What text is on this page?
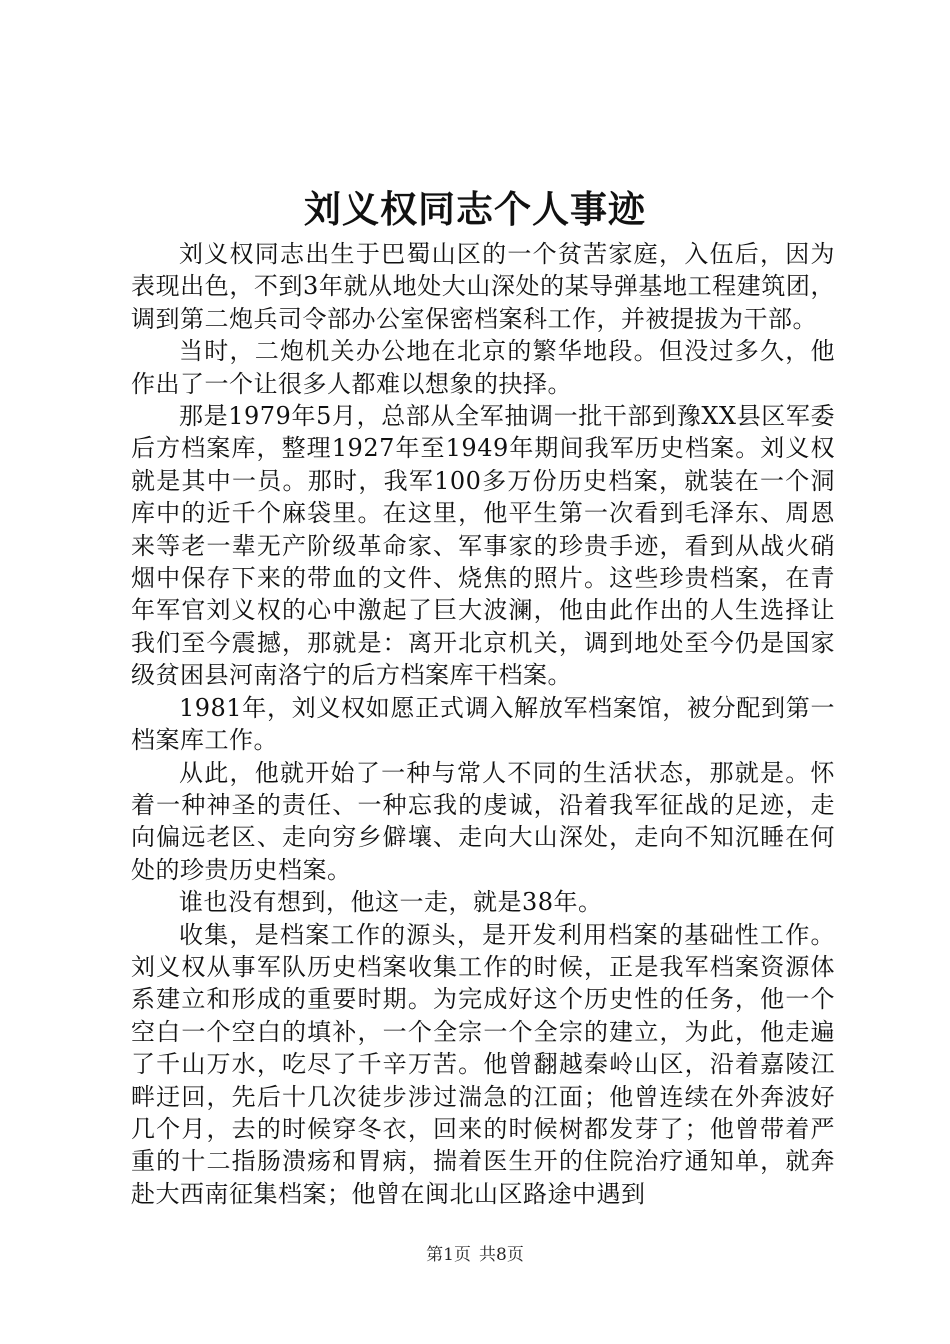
刘义权同志个人事迹

刘义权同志出生于巴蜀山区的一个贫苦家庭，入伍后，因为表现出色，不到3年就从地处大山深处的某导弹基地工程建筑团，调到第二炮兵司令部办公室保密档案科工作，并被提拔为干部。

当时，二炮机关办公地在北京的繁华地段。但没过多久，他作出了一个让很多人都难以想象的抉择。

那是1979年5月，总部从全军抽调一批干部到豫XX县区军委后方档案库，整理1927年至1949年期间我军历史档案。刘义权就是其中一员。那时，我军100多万份历史档案，就装在一个洞库中的近千个麻袋里。在这里，他平生第一次看到毛泽东、周恩来等老一辈无产阶级革命家、军事家的珍贵手迹，看到从战火硝烟中保存下来的带血的文件、烧焦的照片。这些珍贵档案，在青年军官刘义权的心中激起了巨大波澜，他由此作出的人生选择让我们至今震撼，那就是：离开北京机关，调到地处至今仍是国家级贫困县河南洛宁的后方档案库干档案。

1981年，刘义权如愿正式调入解放军档案馆，被分配到第一档案库工作。

从此，他就开始了一种与常人不同的生活状态，那就是。怀着一种神圣的责任、一种忘我的虔诚，沿着我军征战的足迹，走向偏远老区、走向穷乡僻壤、走向大山深处，走向不知沉睡在何处的珍贵历史档案。

谁也没有想到，他这一走，就是38年。

收集，是档案工作的源头，是开发利用档案的基础性工作。刘义权从事军队历史档案收集工作的时候，正是我军档案资源体系建立和形成的重要时期。为完成好这个历史性的任务，他一个空白一个空白的填补，一个全宗一个全宗的建立，为此，他走遍了千山万水，吃尽了千辛万苦。他曾翻越秦岭山区，沿着嘉陵江畔迂回，先后十几次徒步涉过湍急的江面；他曾连续在外奔波好几个月，去的时候穿冬衣，回来的时候树都发芽了；他曾带着严重的十二指肠溃疡和胃病，揣着医生开的住院治疗通知单，就奔赴大西南征集档案；他曾在闽北山区路途中遇到

第1页 共8页
